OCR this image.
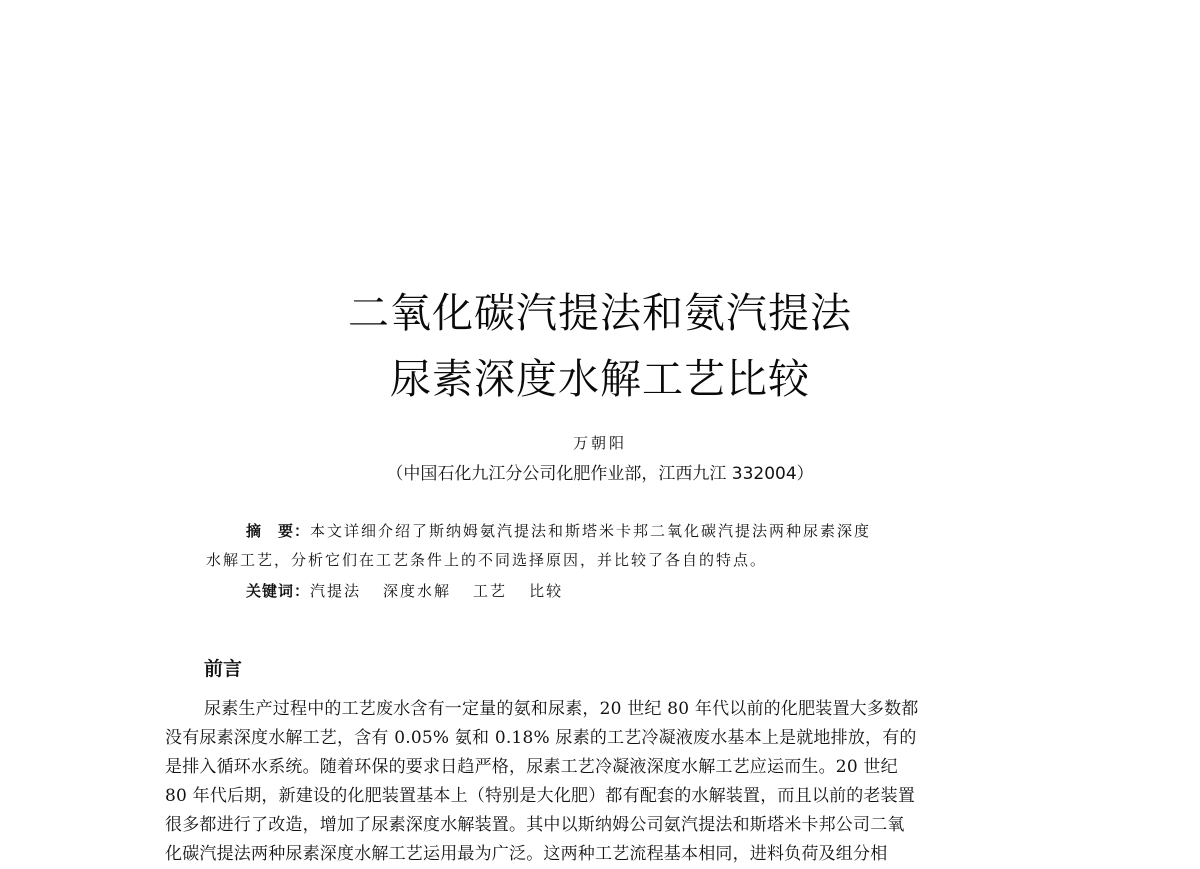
二氧化碳汽提法和氨汽提法
尿素深度水解工艺比较
万朝阳
（中国石化九江分公司化肥作业部，江西九江 332004）
摘　要：本文详细介绍了斯纳姆氨汽提法和斯塔米卡邦二氧化碳汽提法两种尿素深度
水解工艺，分析它们在工艺条件上的不同选择原因，并比较了各自的特点。
关键词：汽提法 深度水解 工艺 比较
前言
尿素生产过程中的工艺废水含有一定量的氨和尿素，20 世纪 80 年代以前的化肥装置大多数都
没有尿素深度水解工艺，含有 0.05% 氨和 0.18% 尿素的工艺冷凝液废水基本上是就地排放，有的
是排入循环水系统。随着环保的要求日趋严格，尿素工艺冷凝液深度水解工艺应运而生。20 世纪
80 年代后期，新建设的化肥装置基本上（特别是大化肥）都有配套的水解装置，而且以前的老装置
很多都进行了改造，增加了尿素深度水解装置。其中以斯纳姆公司氨汽提法和斯塔米卡邦公司二氧
化碳汽提法两种尿素深度水解工艺运用最为广泛。这两种工艺流程基本相同，进料负荷及组分相
